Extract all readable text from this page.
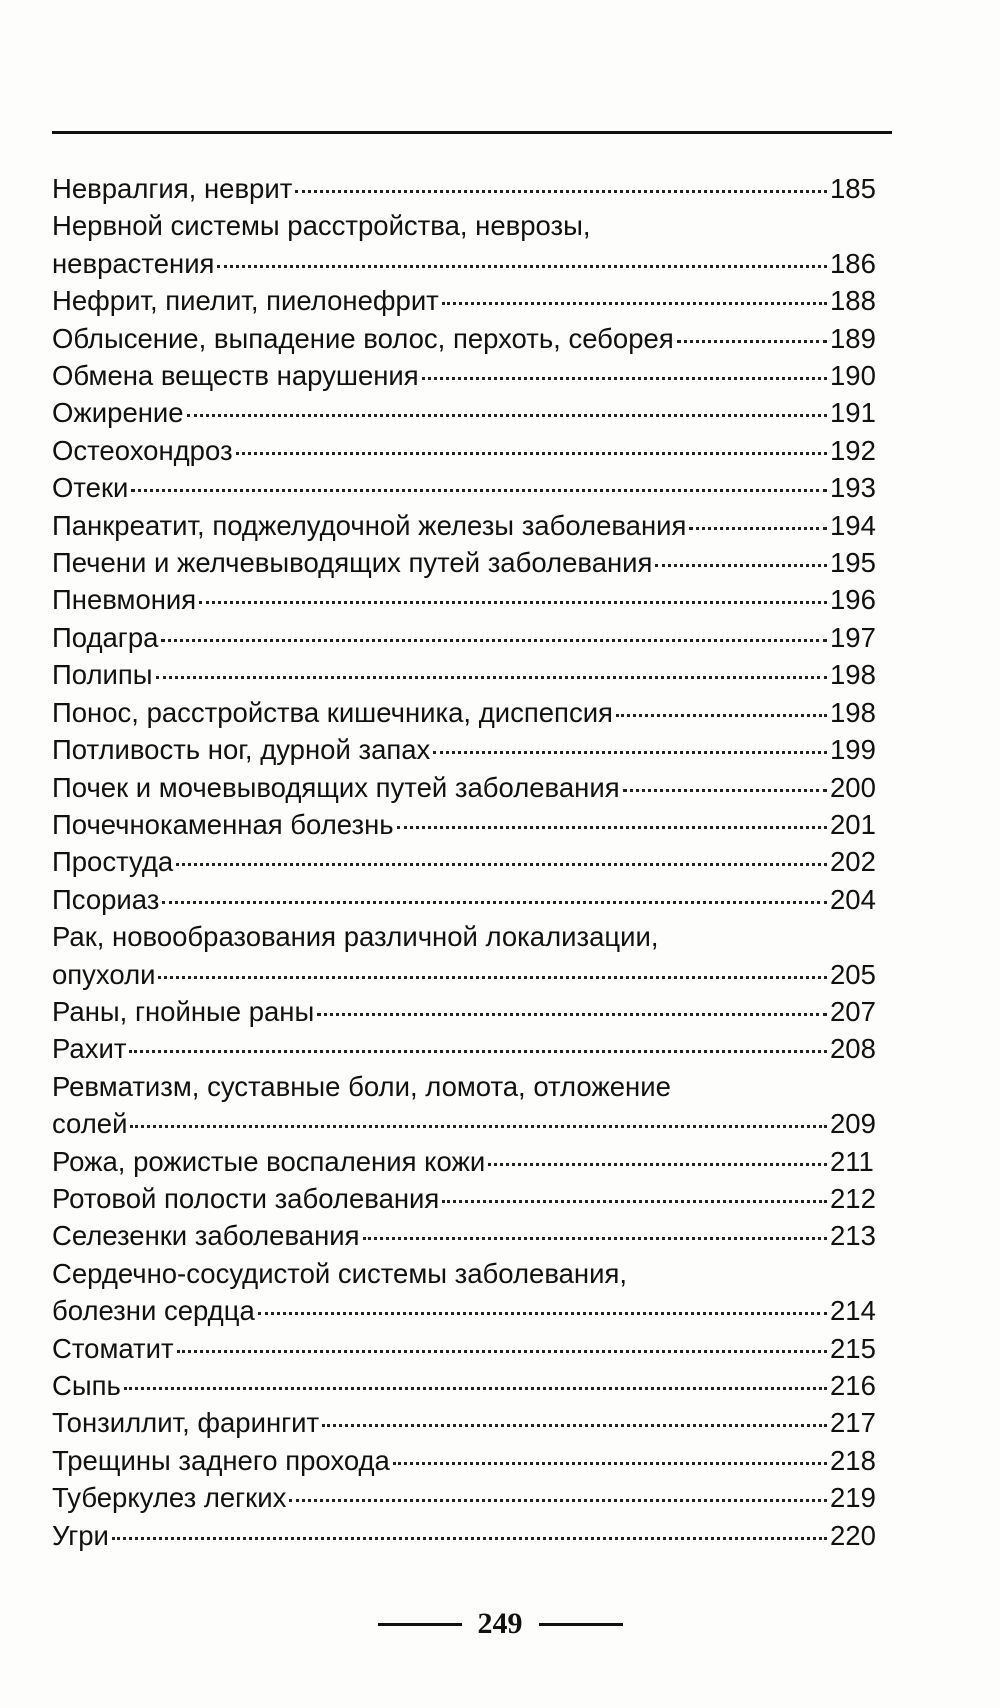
Невралгия, неврит	185
Нервной системы расстройства, неврозы,
неврастения	186
Нефрит, пиелит, пиелонефрит	188
Облысение, выпадение волос, перхоть, себорея	189
Обмена веществ нарушения	190
Ожирение	191
Остеохондроз	192
Отеки	193
Панкреатит, поджелудочной железы заболевания	194
Печени и желчевыводящих путей заболевания	195
Пневмония	196
Подагра	197
Полипы	198
Понос, расстройства кишечника, диспепсия	198
Потливость ног, дурной запах	199
Почек и мочевыводящих путей заболевания	200
Почечнокаменная болезнь	201
Простуда	202
Псориаз	204
Рак, новообразования различной локализации,
опухоли	205
Раны, гнойные раны	207
Рахит	208
Ревматизм, суставные боли, ломота, отложение
солей	209
Рожа, рожистые воспаления кожи	211
Ротовой полости заболевания	212
Селезенки заболевания	213
Сердечно-сосудистой системы заболевания,
болезни сердца	214
Стоматит	215
Сыпь	216
Тонзиллит, фарингит	217
Трещины заднего прохода	218
Туберкулез легких	219
Угри	220
249
